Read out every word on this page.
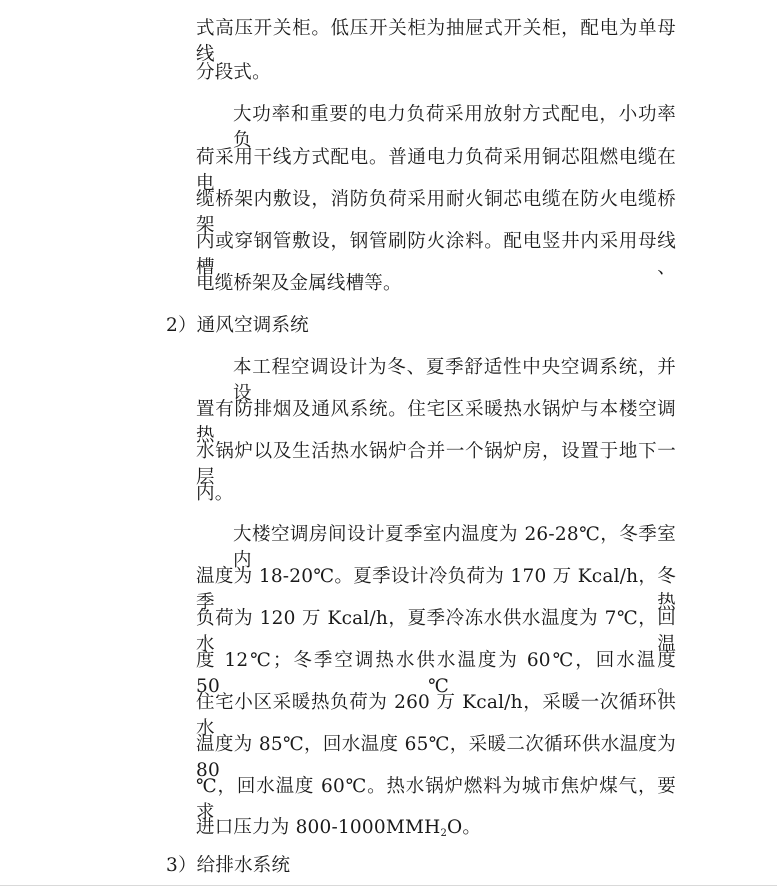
式高压开关柜。低压开关柜为抽屉式开关柜，配电为单母线
分段式。
大功率和重要的电力负荷采用放射方式配电，小功率负
荷采用干线方式配电。普通电力负荷采用铜芯阻燃电缆在电
缆桥架内敷设，消防负荷采用耐火铜芯电缆在防火电缆桥架
内或穿钢管敷设，钢管刷防火涂料。配电竖井内采用母线槽、
电缆桥架及金属线槽等。
2）通风空调系统
本工程空调设计为冬、夏季舒适性中央空调系统，并设
置有防排烟及通风系统。住宅区采暖热水锅炉与本楼空调热
水锅炉以及生活热水锅炉合并一个锅炉房，设置于地下一层
内。
大楼空调房间设计夏季室内温度为 26-28℃，冬季室内
温度为 18-20℃。夏季设计冷负荷为 170 万 Kcal/h，冬季热
负荷为 120 万 Kcal/h，夏季冷冻水供水温度为 7℃，回水温
度 12℃；冬季空调热水供水温度为 60℃，回水温度 50℃。
住宅小区采暖热负荷为 260 万 Kcal/h，采暖一次循环供水
温度为 85℃，回水温度 65℃，采暖二次循环供水温度为 80
℃，回水温度 60℃。热水锅炉燃料为城市焦炉煤气，要求
进口压力为 $800-1000MMH_2O$。
3）给排水系统
